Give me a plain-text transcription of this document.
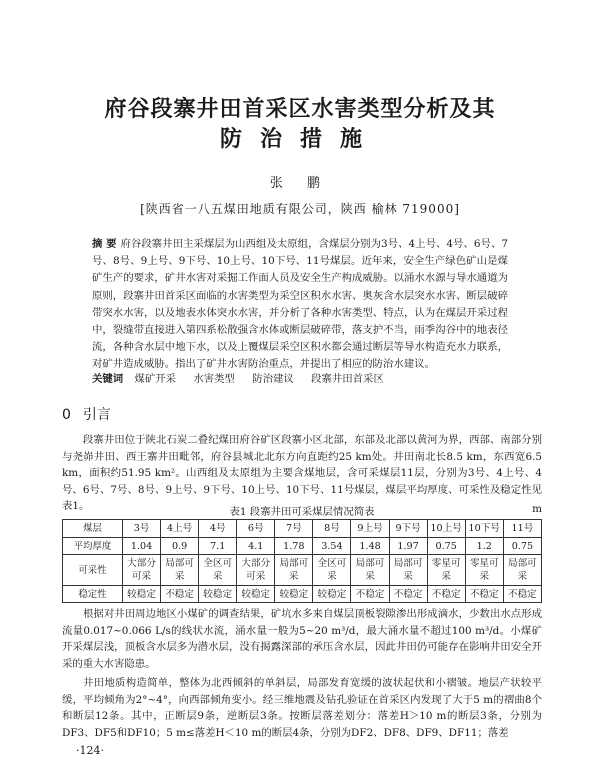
府谷段寨井田首采区水害类型分析及其
防治措施
张 鹏
[陕西省一八五煤田地质有限公司，陕西 榆林 719000]
摘 要 府谷段寨井田主采煤层为山西组及太原组，含煤层分别为3号、4上号、4号、6号、7号、8号、9上号、9下号、10上号、10下号、11号煤层。近年来，安全生产绿色矿山是煤矿生产的要求，矿井水害对采掘工作面人员及安全生产构成威胁。以涌水水源与导水通道为原则，段寨井田首采区面临的水害类型为采空区积水水害、奥灰含水层突水水害、断层破碎带突水水害，以及地表水体突水水害，并分析了各种水害类型、特点，认为在煤层开采过程中，裂缝带直接进入第四系松散强含水体或断层破碎带，落支护不当，雨季沟谷中的地表径流，各种含水层中地下水，以及上覆煤层采空区积水都会通过断层等导水构造充水力联系，对矿井造成威胁。指出了矿井水害防治重点，并提出了相应的防治水建议。
关键词 煤矿开采 水害类型 防治建议 段寨井田首采区
0 引言
段寨井田位于陕北石炭二叠纪煤田府谷矿区段寨小区北部，东部及北部以黄河为界，西部、南部分别与尧峁井田、西王寨井田毗邻，府谷县城北北东方向直距约25 km处。井田南北长8.5 km，东西宽6.5 km，面积约51.95 km²。山西组及太原组为主要含煤地层，含可采煤层11层，分别为3号、4上号、4号、6号、7号、8号、9上号、9下号、10上号、10下号、11号煤层，煤层平均厚度、可采性及稳定性见表1。	表1 段寨井田可采煤层情况简表	m
煤层	3号	4上号	4号	6号	7号	8号	9上号	9下号	10上号	10下号	11号
平均厚度	1.04	0.9	7.1	4.1	1.78	3.54	1.48	1.97	0.75	1.2	0.75
可采性	大部分可采	局部可采	全区可采	大部分可采	局部可采	全区可采	局部可采	局部可采	零星可采	零星可采	局部可采
稳定性	较稳定	不稳定	较稳定	较稳定	较稳定	较稳定	不稳定	不稳定	不稳定	不稳定	不稳定
根据对井田周边地区小煤矿的调查结果，矿坑水多来自煤层顶板裂隙渗出形成滴水，少数出水点形成流量0.017~0.066 L/s的线状水流，涌水量一般为5~20 m³/d，最大涌水量不超过100 m³/d。小煤矿开采煤层浅，顶板含水层多为潜水层，没有揭露深部的承压含水层，因此井田仍可能存在影响井田安全开采的重大水害隐患。
井田地质构造简单，整体为北西倾斜的单斜层，局部发育宽缓的波状起伏和小褶皱。地层产状较平缓，平均倾角为2°~4°，向西部倾角变小。经三维地震及钻孔验证在首采区内发现了大于5 m的褶曲8个和断层12条。其中，正断层9条，逆断层3条。按断层落差划分：落差H＞10 m的断层3条，分别为DF3、DF5和DF10；5 m≤落差H＜10 m的断层4条，分别为DF2、DF8、DF9、DF11；落差
·124·
